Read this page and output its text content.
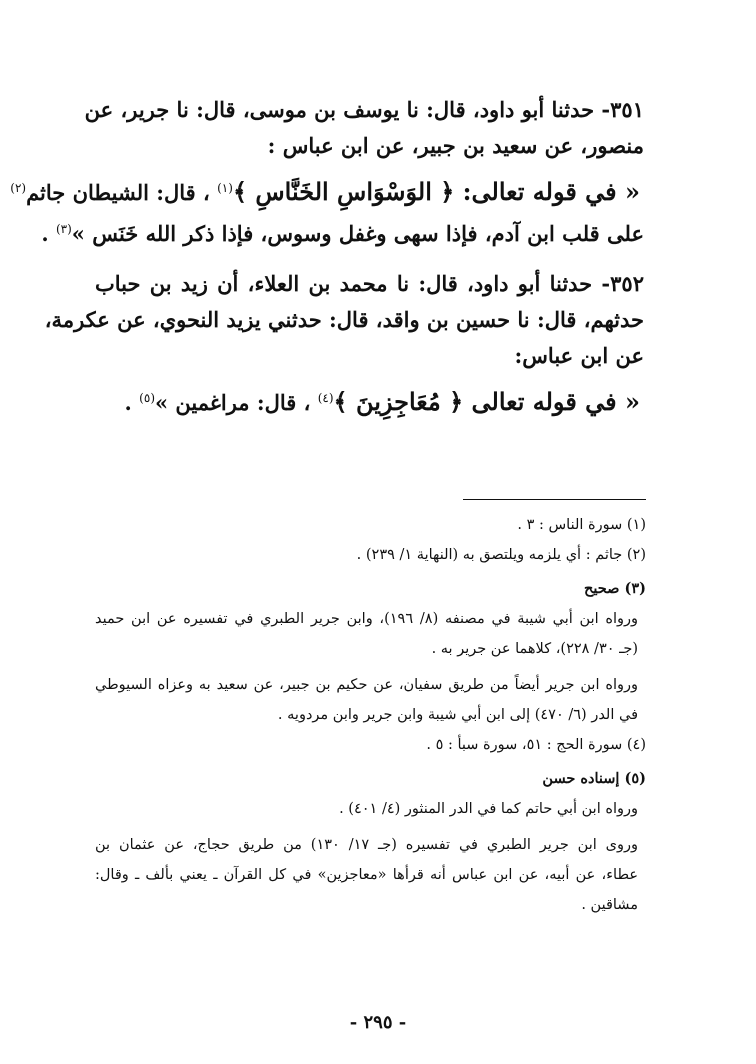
٣٥١- حدثنا أبو داود، قال: نا يوسف بن موسى، قال: نا جرير، عن
منصور، عن سعيد بن جبير، عن ابن عباس :
« في قوله تعالى: ﴿ الوَسْوَاسِ الخَنَّاسِ ﴾$^{(١)}$ ، قال: الشيطان جاثم$^{(٢)}$
على قلب ابن آدم، فإذا سهى وغفل وسوس، فإذا ذكر الله خَنَس »$^{(٣)}$ .
٣٥٢- حدثنا أبو داود، قال: نا محمد بن العلاء، أن زيد بن حباب
حدثهم، قال: نا حسين بن واقد، قال: حدثني يزيد النحوي، عن عكرمة،
عن ابن عباس:
« في قوله تعالى ﴿ مُعَاجِزِينَ ﴾$^{(٤)}$ ، قال: مراغمين »$^{(٥)}$ .
(١) سورة الناس : ٣ .
(٢) جاثم : أي يلزمه ويلتصق به (النهاية ١/ ٢٣٩) .
(٣) صحيح
ورواه ابن أبي شيبة في مصنفه (٨/ ١٩٦)، وابن جرير الطبري في تفسيره عن ابن حميد
(جـ ٣٠/ ٢٢٨)، كلاهما عن جرير به .
ورواه ابن جرير أيضاً من طريق سفيان، عن حكيم بن جبير، عن سعيد به وعزاه السيوطي
في الدر (٦/ ٤٧٠) إلى ابن أبي شيبة وابن جرير وابن مردويه .
(٤) سورة الحج : ٥١، سورة سبأ : ٥ .
(٥) إسناده حسن
ورواه ابن أبي حاتم كما في الدر المنثور (٤/ ٤٠١) .
وروى ابن جرير الطبري في تفسيره (جـ ١٧/ ١٣٠) من طريق حجاج، عن عثمان بن
عطاء، عن أبيه، عن ابن عباس أنه قرأها «معاجزين» في كل القرآن ـ يعني بألف ـ وقال:
مشاقين .
- ٢٩٥ -
